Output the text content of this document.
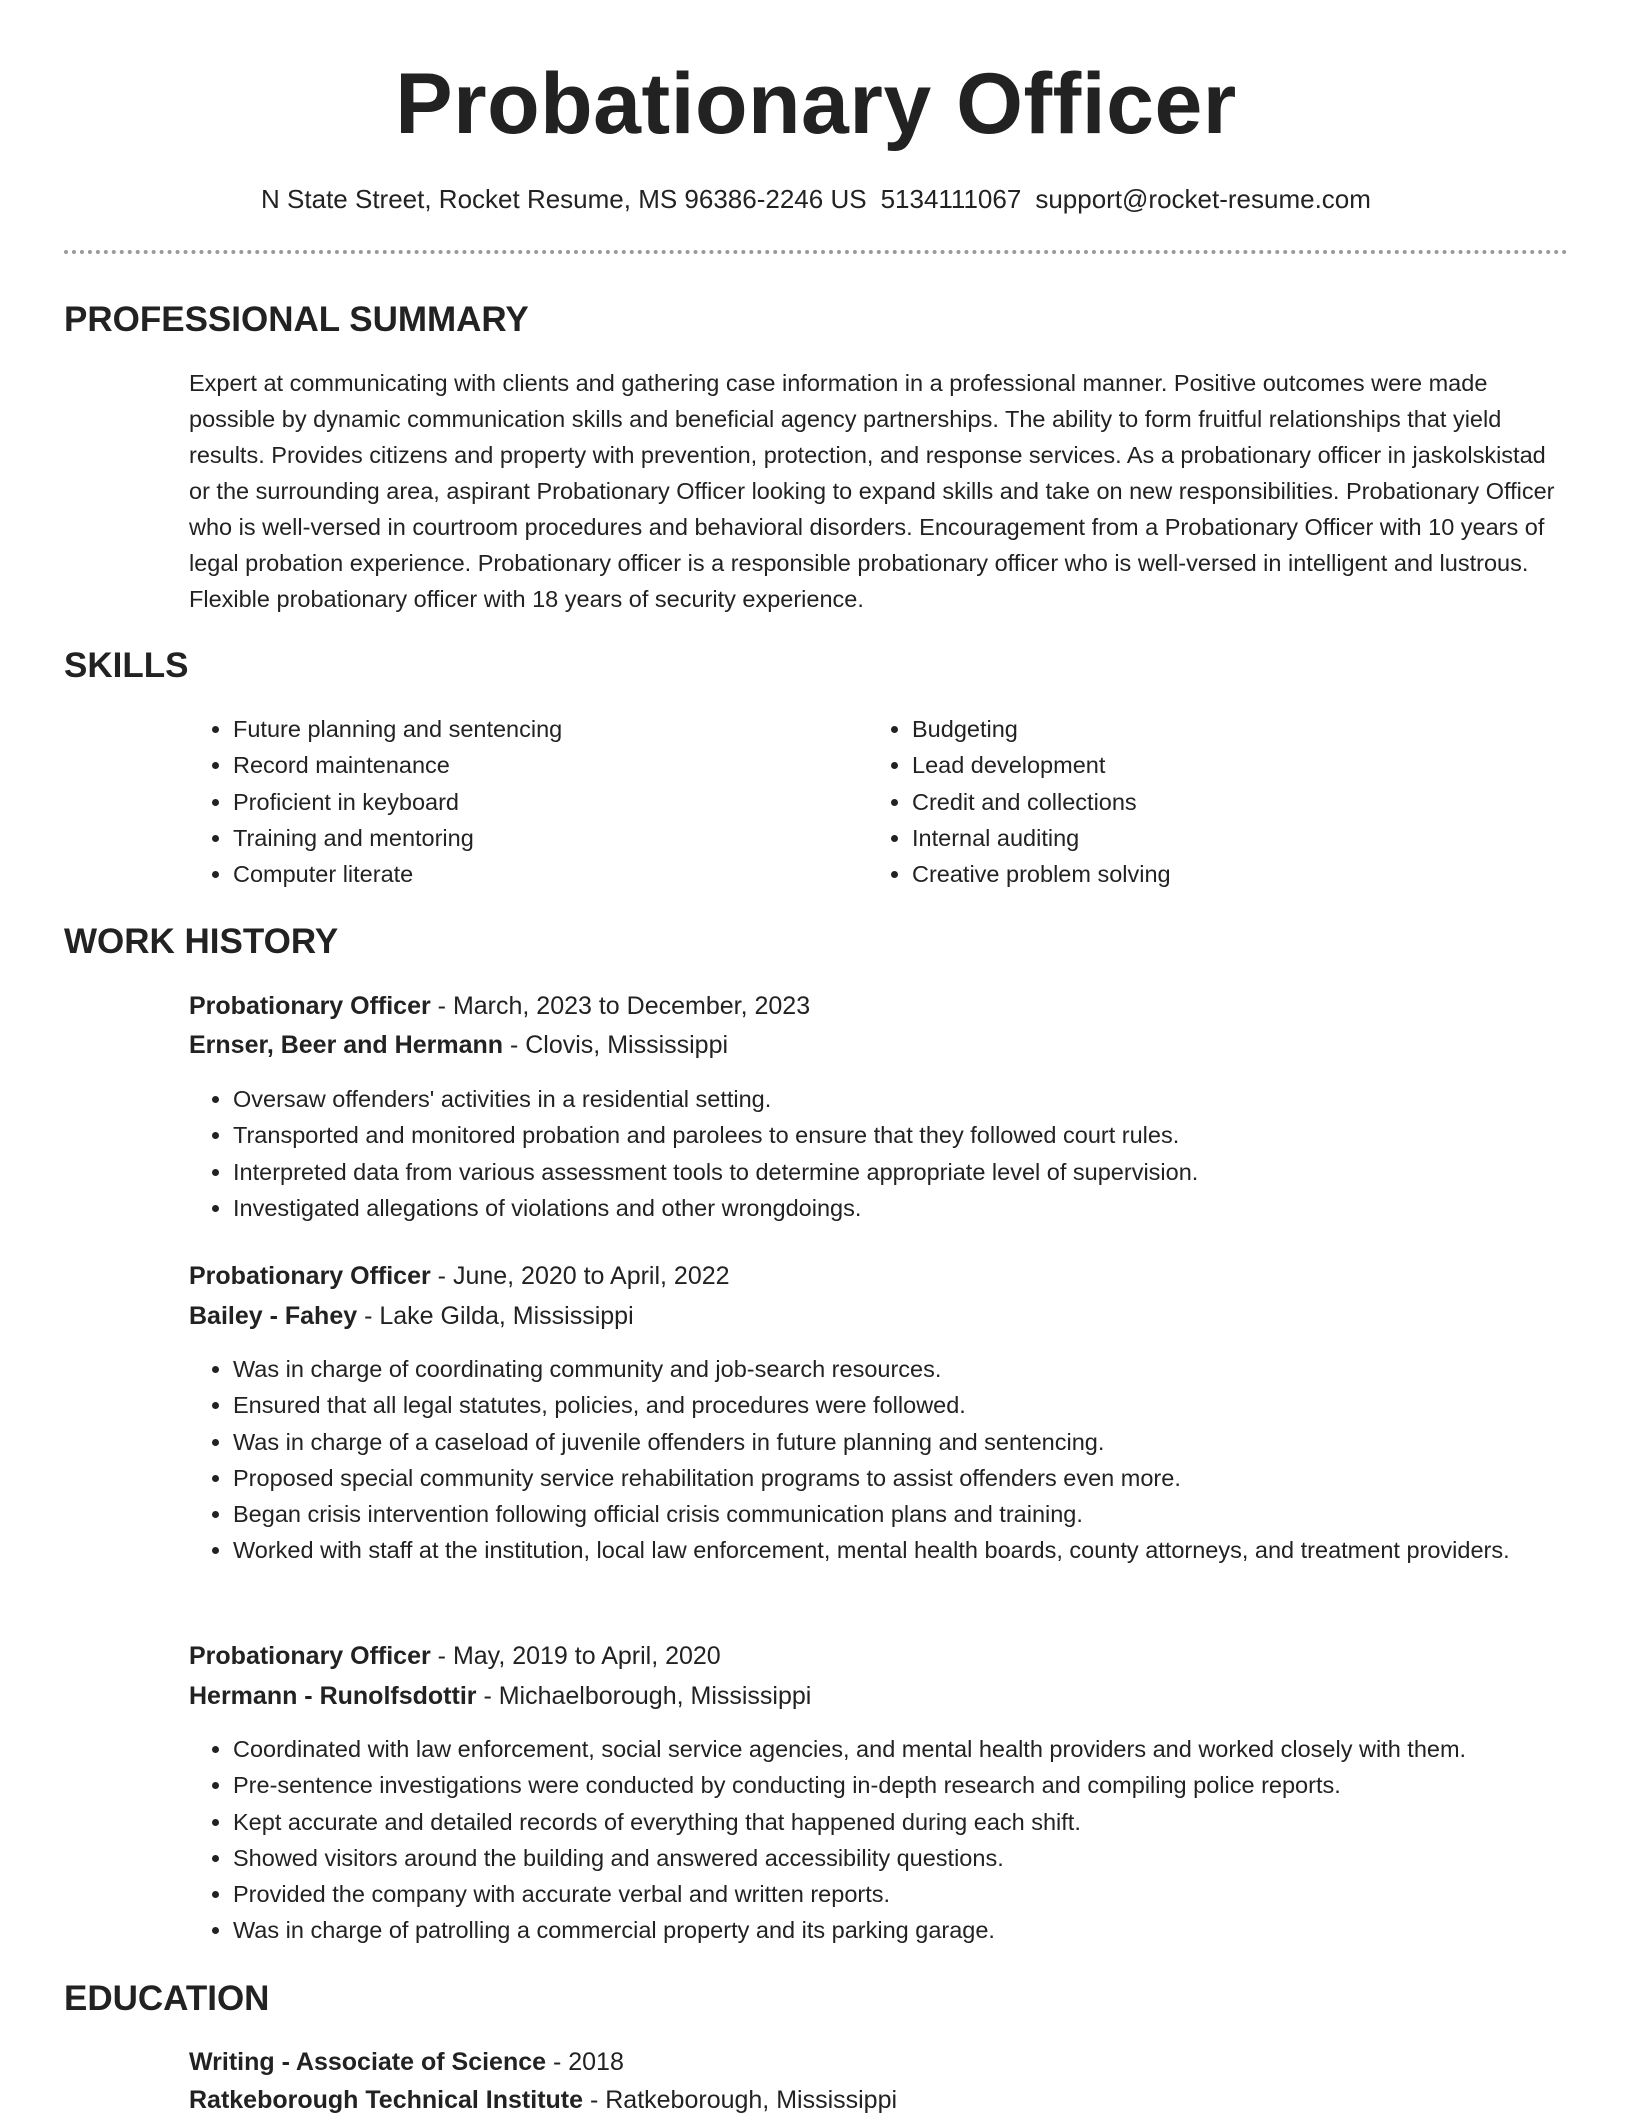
Probationary Officer
N State Street, Rocket Resume, MS 96386-2246 US 5134111067 support@rocket-resume.com
PROFESSIONAL SUMMARY

Expert at communicating with clients and gathering case information in a professional manner. Positive outcomes were made possible by dynamic communication skills and beneficial agency partnerships. The ability to form fruitful relationships that yield results. Provides citizens and property with prevention, protection, and response services. As a probationary officer in jaskolskistad or the surrounding area, aspirant Probationary Officer looking to expand skills and take on new responsibilities. Probationary Officer who is well-versed in courtroom procedures and behavioral disorders. Encouragement from a Probationary Officer with 10 years of legal probation experience. Probationary officer is a responsible probationary officer who is well-versed in intelligent and lustrous. Flexible probationary officer with 18 years of security experience.

SKILLS
• Future planning and sentencing
• Record maintenance
• Proficient in keyboard
• Training and mentoring
• Computer literate
• Budgeting
• Lead development
• Credit and collections
• Internal auditing
• Creative problem solving
WORK HISTORY
Probationary Officer - March, 2023 to December, 2023
Ernser, Beer and Hermann - Clovis, Mississippi
• Oversaw offenders' activities in a residential setting.
• Transported and monitored probation and parolees to ensure that they followed court rules.
• Interpreted data from various assessment tools to determine appropriate level of supervision.
• Investigated allegations of violations and other wrongdoings.
Probationary Officer - June, 2020 to April, 2022
Bailey - Fahey - Lake Gilda, Mississippi
• Was in charge of coordinating community and job-search resources.
• Ensured that all legal statutes, policies, and procedures were followed.
• Was in charge of a caseload of juvenile offenders in future planning and sentencing.
• Proposed special community service rehabilitation programs to assist offenders even more.
• Began crisis intervention following official crisis communication plans and training.
• Worked with staff at the institution, local law enforcement, mental health boards, county attorneys, and treatment providers.
Probationary Officer - May, 2019 to April, 2020
Hermann - Runolfsdottir - Michaelborough, Mississippi
• Coordinated with law enforcement, social service agencies, and mental health providers and worked closely with them.
• Pre-sentence investigations were conducted by conducting in-depth research and compiling police reports.
• Kept accurate and detailed records of everything that happened during each shift.
• Showed visitors around the building and answered accessibility questions.
• Provided the company with accurate verbal and written reports.
• Was in charge of patrolling a commercial property and its parking garage.
EDUCATION
Writing - Associate of Science - 2018
Ratkeborough Technical Institute - Ratkeborough, Mississippi
